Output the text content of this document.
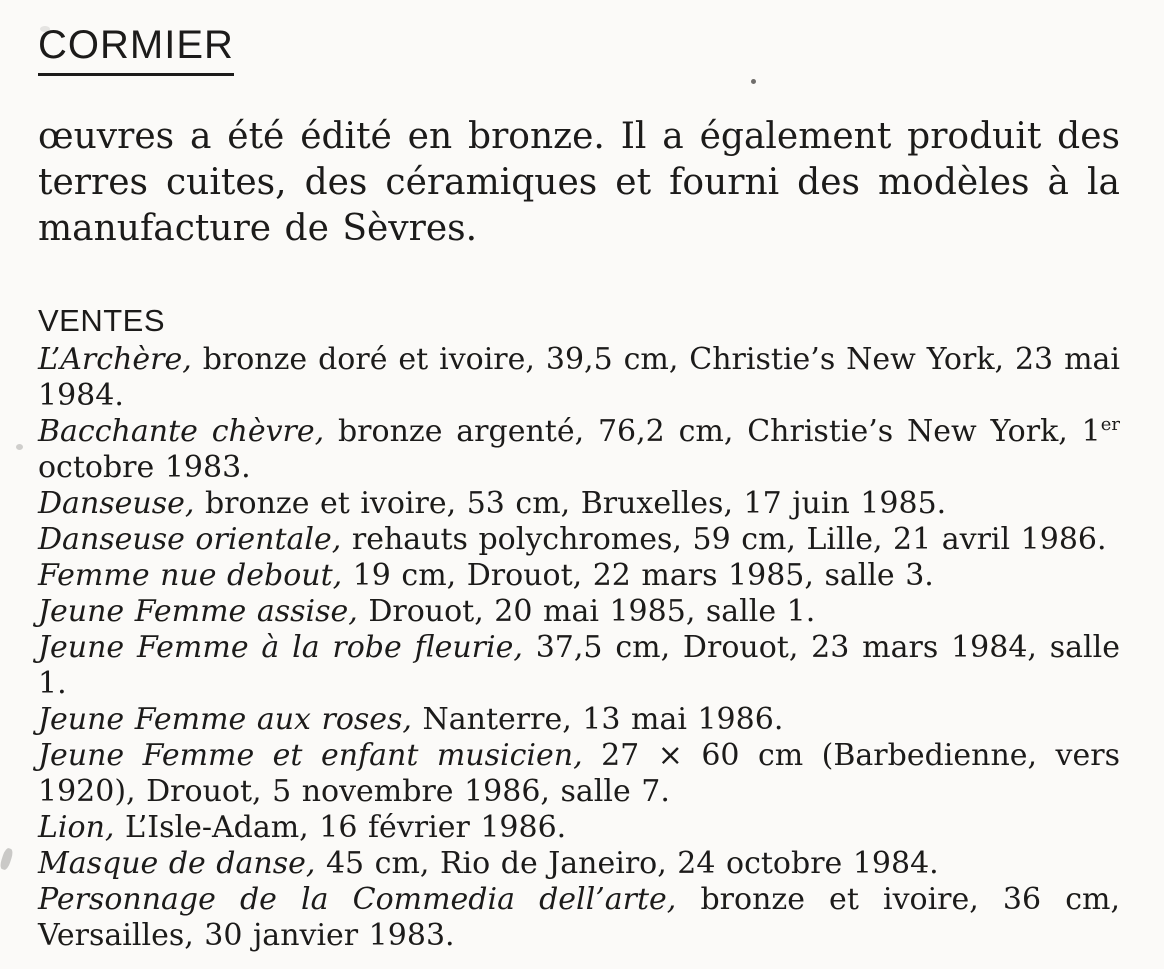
CORMIER

œuvres a été édité en bronze. Il a également produit des terres cuites, des céramiques et fourni des modèles à la manufacture de Sèvres.

VENTES

L’Archère, bronze doré et ivoire, 39,5 cm, Christie’s New York, 23 mai 1984.

Bacchante chèvre, bronze argenté, 76,2 cm, Christie’s New York, 1er octobre 1983.

Danseuse, bronze et ivoire, 53 cm, Bruxelles, 17 juin 1985.

Danseuse orientale, rehauts polychromes, 59 cm, Lille, 21 avril 1986.

Femme nue debout, 19 cm, Drouot, 22 mars 1985, salle 3.

Jeune Femme assise, Drouot, 20 mai 1985, salle 1.

Jeune Femme à la robe fleurie, 37,5 cm, Drouot, 23 mars 1984, salle 1.

Jeune Femme aux roses, Nanterre, 13 mai 1986.

Jeune Femme et enfant musicien, 27 × 60 cm (Barbedienne, vers 1920), Drouot, 5 novembre 1986, salle 7.

Lion, L’Isle-Adam, 16 février 1986.

Masque de danse, 45 cm, Rio de Janeiro, 24 octobre 1984.

Personnage de la Commedia dell’arte, bronze et ivoire, 36 cm, Versailles, 30 janvier 1983.
